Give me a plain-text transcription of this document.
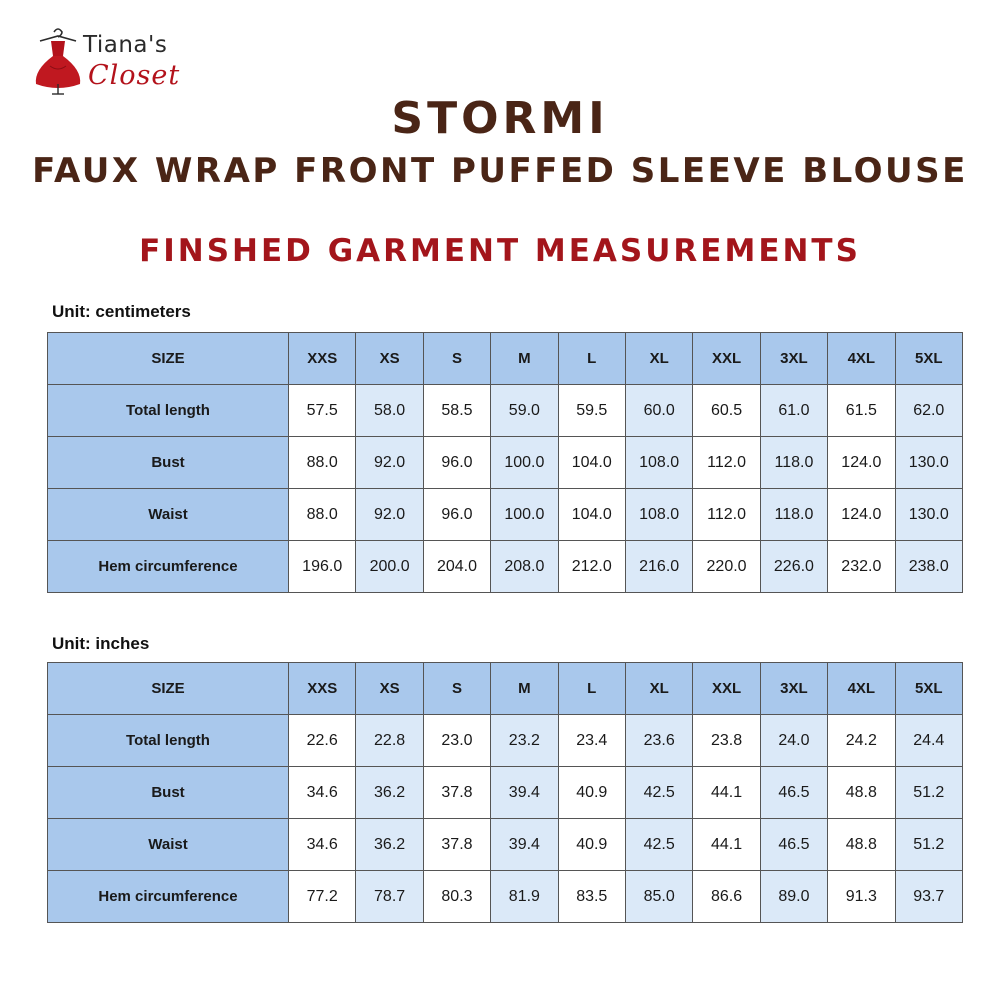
Tiana's
Closet
STORMI
FAUX WRAP FRONT PUFFED SLEEVE BLOUSE
FINSHED GARMENT MEASUREMENTS
Unit: centimeters
SIZE	XXS	XS	S	M	L	XL	XXL	3XL	4XL	5XL
Total length	57.5	58.0	58.5	59.0	59.5	60.0	60.5	61.0	61.5	62.0
Bust	88.0	92.0	96.0	100.0	104.0	108.0	112.0	118.0	124.0	130.0
Waist	88.0	92.0	96.0	100.0	104.0	108.0	112.0	118.0	124.0	130.0
Hem circumference	196.0	200.0	204.0	208.0	212.0	216.0	220.0	226.0	232.0	238.0
Unit: inches
SIZE	XXS	XS	S	M	L	XL	XXL	3XL	4XL	5XL
Total length	22.6	22.8	23.0	23.2	23.4	23.6	23.8	24.0	24.2	24.4
Bust	34.6	36.2	37.8	39.4	40.9	42.5	44.1	46.5	48.8	51.2
Waist	34.6	36.2	37.8	39.4	40.9	42.5	44.1	46.5	48.8	51.2
Hem circumference	77.2	78.7	80.3	81.9	83.5	85.0	86.6	89.0	91.3	93.7
